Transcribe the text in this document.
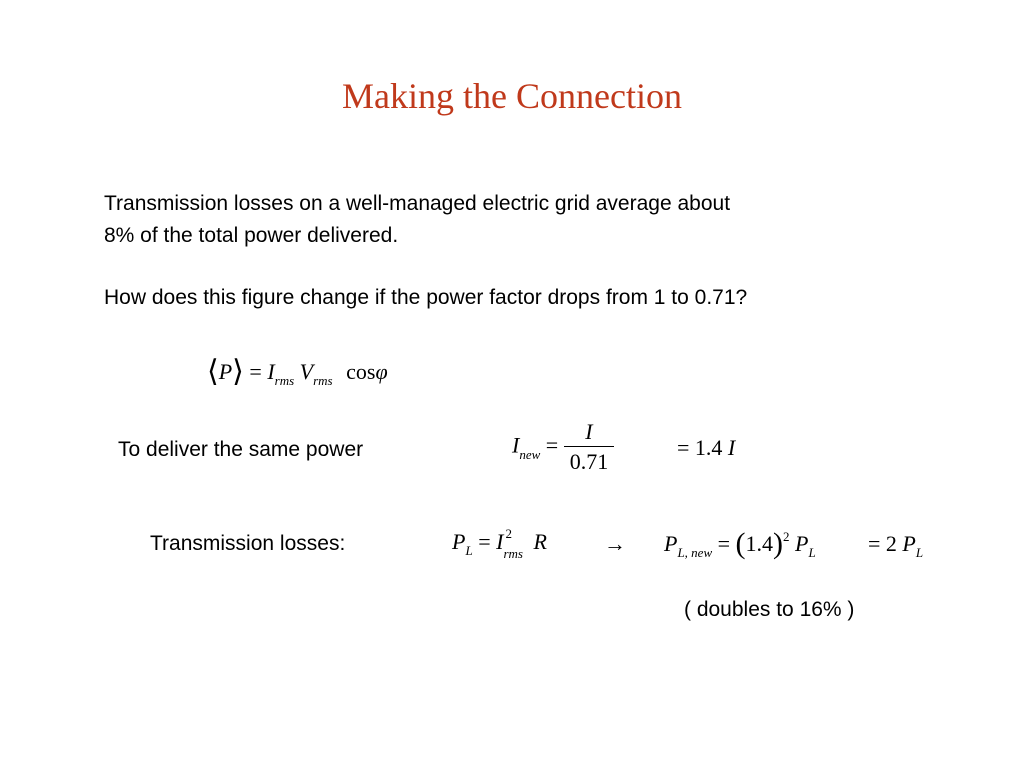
Making the Connection
Transmission losses on a well-managed electric grid average about
8% of the total power delivered.
How does this figure change if the power factor drops from 1 to 0.71?
⟨P⟩ = $I_{rms}$ $V_{rms}$ cosφ
To deliver the same power	$I_{new} = \frac{I}{0.71}$	= 1.4 I
Transmission losses:	$P_L = I$ 2
rms R	→ $P_{L, new} = (1.4)^2$ $P_L = 2$ $P_L$
( doubles to 16% )
